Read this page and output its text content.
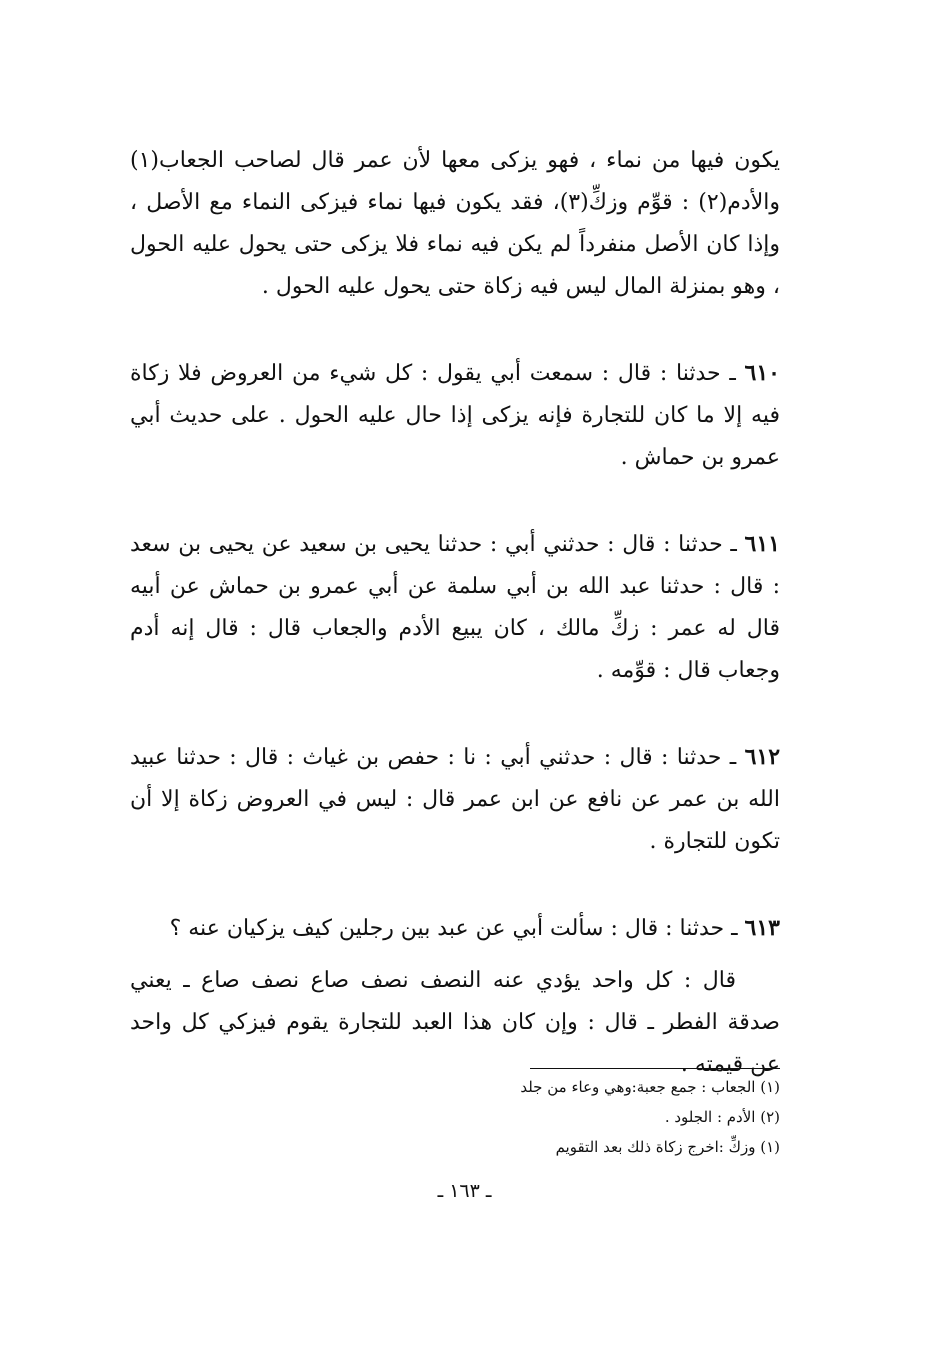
يكون فيها من نماء ، فهو يزكى معها لأن عمر قال لصاحب الجعاب(١) والأدم(٢) : قوِّم وزكِّ(٣)، فقد يكون فيها نماء فيزكى النماء مع الأصل ، وإذا كان الأصل منفرداً لم يكن فيه نماء فلا يزكى حتى يحول عليه الحول ، وهو بمنزلة المال ليس فيه زكاة حتى يحول عليه الحول .

٦١٠ ـ حدثنا : قال : سمعت أبي يقول : كل شيء من العروض فلا زكاة فيه إلا ما كان للتجارة فإنه يزكى إذا حال عليه الحول . على حديث أبي عمرو بن حماش .

٦١١ ـ حدثنا : قال : حدثني أبي : حدثنا يحيى بن سعيد عن يحيى بن سعد : قال : حدثنا عبد الله بن أبي سلمة عن أبي عمرو بن حماش عن أبيه قال له عمر : زكِّ مالك ، كان يبيع الأدم والجعاب قال : قال إنه أدم وجعاب قال : قوِّمه .

٦١٢ ـ حدثنا : قال : حدثني أبي : نا : حفص بن غياث : قال : حدثنا عبيد الله بن عمر عن نافع عن ابن عمر قال : ليس في العروض زكاة إلا أن تكون للتجارة .

٦١٣ ـ حدثنا : قال : سألت أبي عن عبد بين رجلين كيف يزكيان عنه ؟

قال : كل واحد يؤدي عنه النصف نصف صاع نصف صاع ـ يعني صدقة الفطر ـ قال : وإن كان هذا العبد للتجارة يقوم فيزكي كل واحد عن قيمته .

(١) الجعاب : جمع جعبة:وهي وعاء من جلد

(٢) الأدم : الجلود .

(١) وزكِّ :اخرج زكاة ذلك بعد التقويم

ـ ١٦٣ ـ
